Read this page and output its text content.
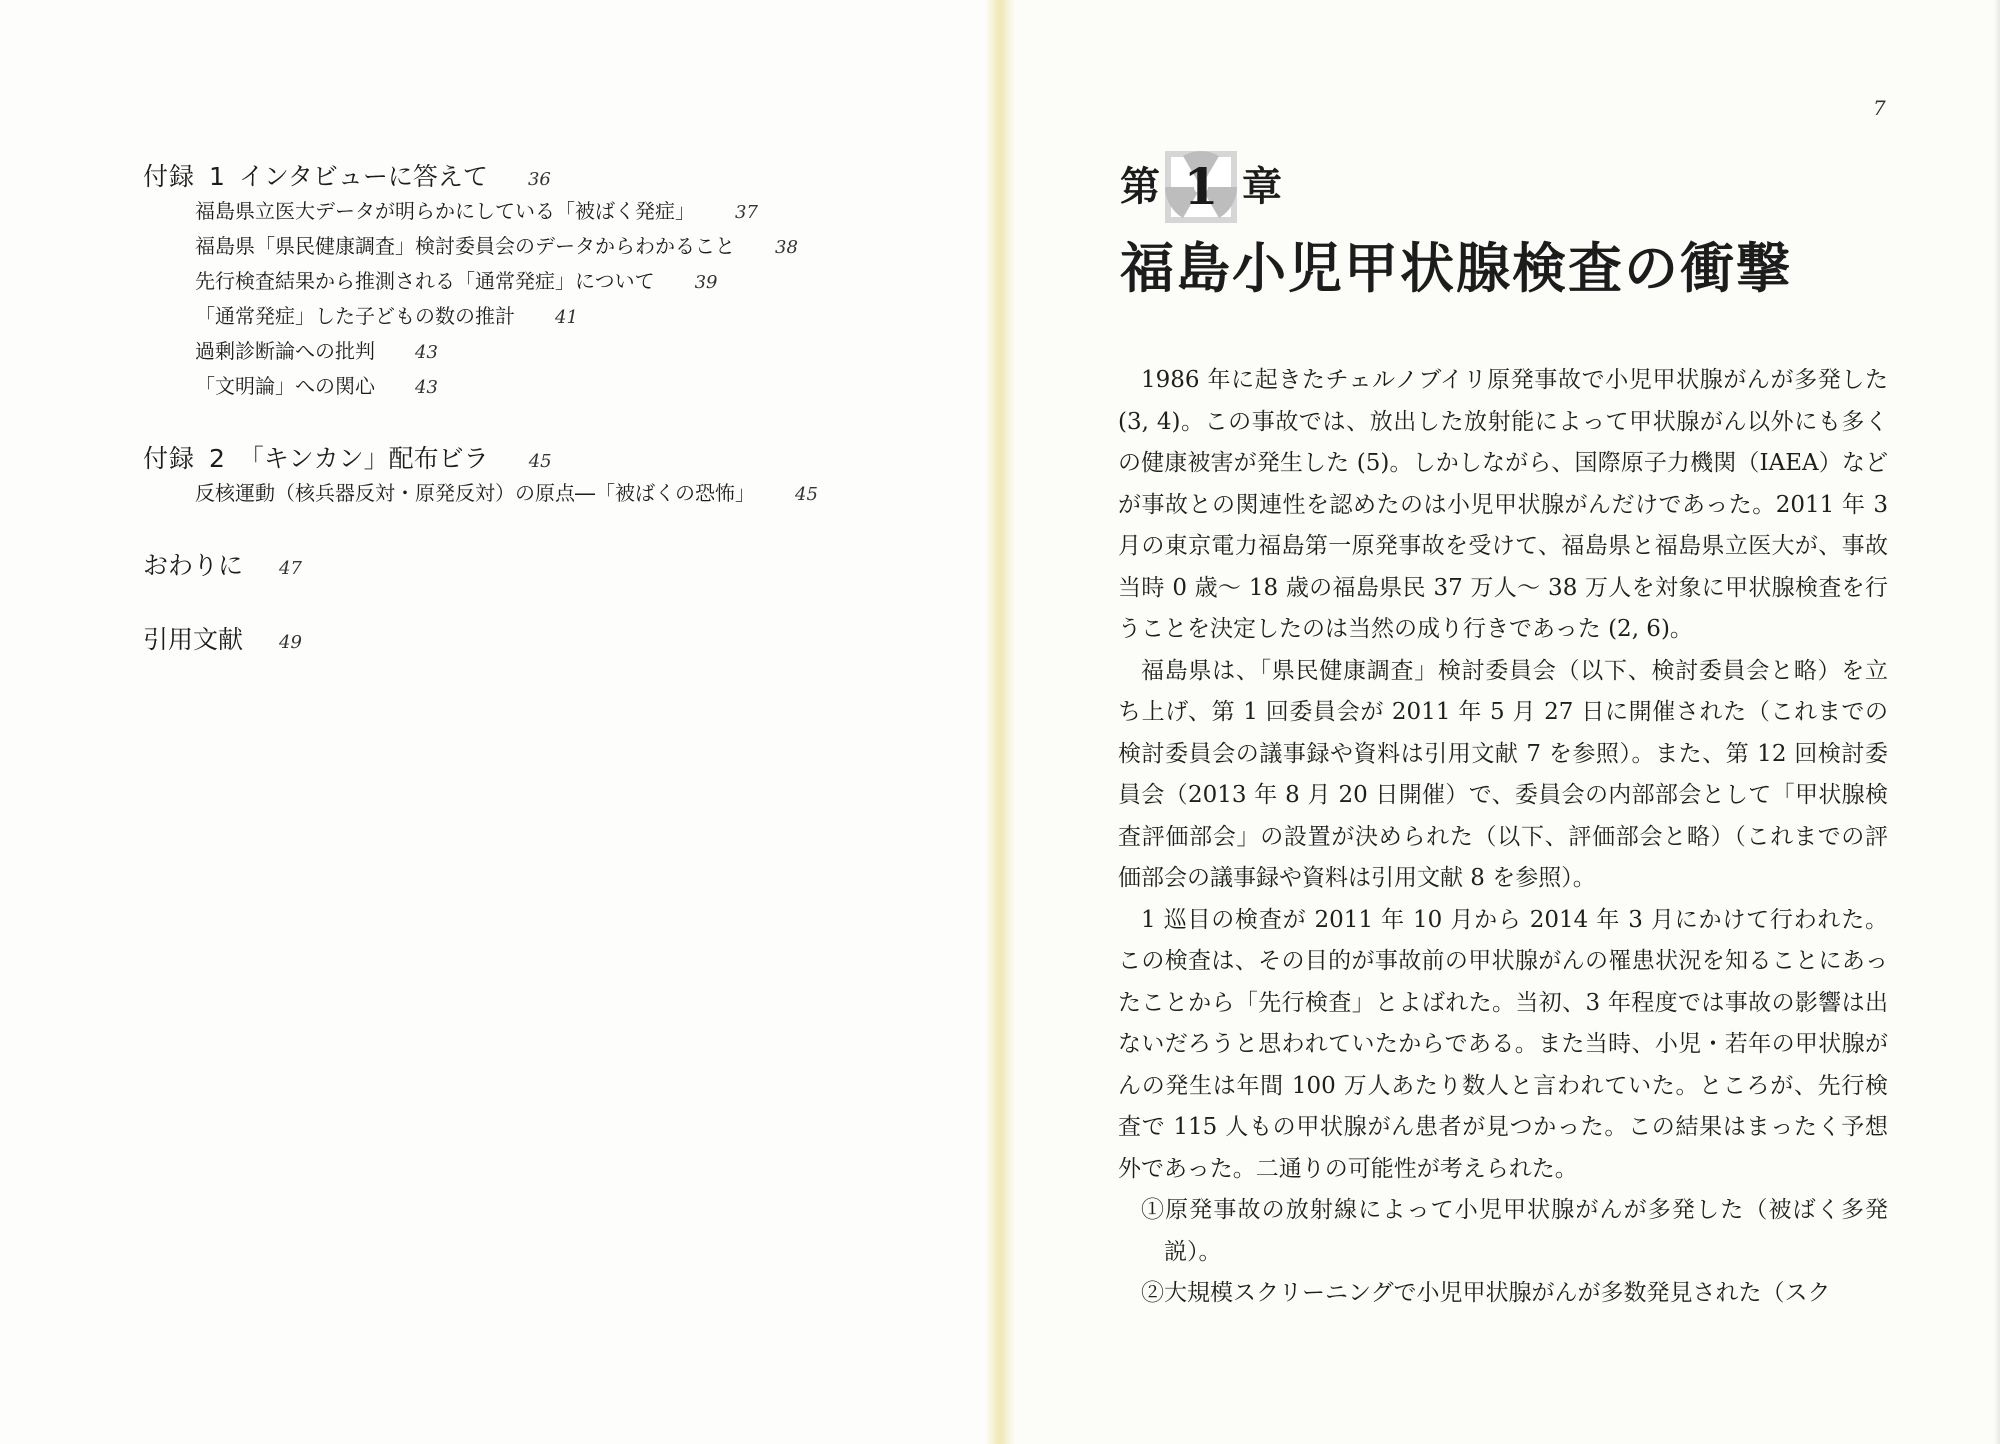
付録 1 インタビューに答えて 36
福島県立医大データが明らかにしている「被ばく発症」 37
福島県「県民健康調査」検討委員会のデータからわかること 38
先行検査結果から推測される「通常発症」について 39
「通常発症」した子どもの数の推計 41
過剰診断論への批判 43
「文明論」への関心 43
付録 2 「キンカン」配布ビラ 45
反核運動（核兵器反対・原発反対）の原点―「被ばくの恐怖」 45
おわりに 47
引用文献 49
7
第 1 章
福島小児甲状腺検査の衝撃

1986 年に起きたチェルノブイリ原発事故で小児甲状腺がんが多発した (3, 4)。この事故では、放出した放射能によって甲状腺がん以外にも多くの健康被害が発生した (5)。しかしながら、国際原子力機関（IAEA）などが事故との関連性を認めたのは小児甲状腺がんだけであった。2011 年 3 月の東京電力福島第一原発事故を受けて、福島県と福島県立医大が、事故当時 0 歳～ 18 歳の福島県民 37 万人～ 38 万人を対象に甲状腺検査を行うことを決定したのは当然の成り行きであった (2, 6)。

福島県は、「県民健康調査」検討委員会（以下、検討委員会と略）を立ち上げ、第 1 回委員会が 2011 年 5 月 27 日に開催された（これまでの検討委員会の議事録や資料は引用文献 7 を参照）。また、第 12 回検討委員会（2013 年 8 月 20 日開催）で、委員会の内部部会として「甲状腺検査評価部会」の設置が決められた（以下、評価部会と略）（これまでの評価部会の議事録や資料は引用文献 8 を参照）。

1 巡目の検査が 2011 年 10 月から 2014 年 3 月にかけて行われた。この検査は、その目的が事故前の甲状腺がんの罹患状況を知ることにあったことから「先行検査」とよばれた。当初、3 年程度では事故の影響は出ないだろうと思われていたからである。また当時、小児・若年の甲状腺がんの発生は年間 100 万人あたり数人と言われていた。ところが、先行検査で 115 人もの甲状腺がん患者が見つかった。この結果はまったく予想外であった。二通りの可能性が考えられた。

①原発事故の放射線によって小児甲状腺がんが多発した（被ばく多発説）。

②大規模スクリーニングで小児甲状腺がんが多数発見された（スク
